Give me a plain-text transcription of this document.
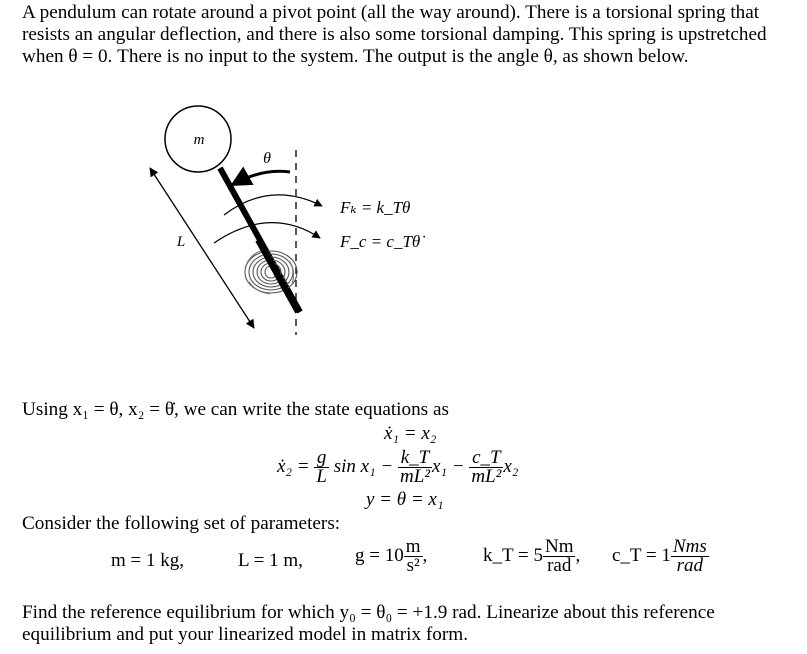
A pendulum can rotate around a pivot point (all the way around). There is a torsional spring that resists an angular deflection, and there is also some torsional damping. This spring is upstretched when θ = 0. There is no input to the system. The output is the angle θ, as shown below.
m
θ
L
Fₖ = k_Tθ
F_c = c_Tθ̇
Using x₁ = θ, x₂ = θ̇, we can write the state equations as
ẋ₁ = x₂
ẋ₂ = $\frac{g}{L}$ $\sin x_1 - \frac{k\_T}{\text{mL²}} x_1 - \frac{c\_T}{\text{mL²}} x_2$
y = θ = x₁
Consider the following set of parameters:
m = 1 kg,	L = 1 m,	$g = 10 \frac{m}{\text{s²}}$ ,	k_T = $5 \frac{Nm}{\text{rad}}$ , c_T = $1 \frac{\text{Nms}}{\text{rad}}$
Find the reference equilibrium for which y₀ = θ₀ = +1.9 rad. Linearize about this reference equilibrium and put your linearized model in matrix form.
